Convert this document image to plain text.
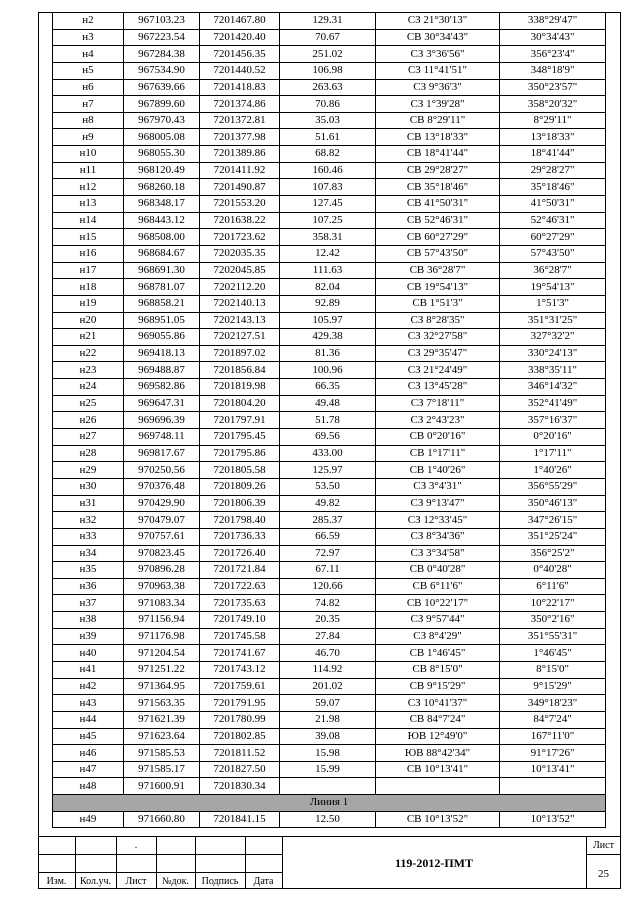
н2	967103.23	7201467.80	129.31	СЗ 21°30'13"	338°29'47"
н3	967223.54	7201420.40	70.67	СВ 30°34'43"	30°34'43"
н4	967284.38	7201456.35	251.02	СЗ 3°36'56"	356°23'4"
н5	967534.90	7201440.52	106.98	СЗ 11°41'51"	348°18'9"
н6	967639.66	7201418.83	263.63	СЗ 9°36'3"	350°23'57"
н7	967899.60	7201374.86	70.86	СЗ 1°39'28"	358°20'32"
н8	967970.43	7201372.81	35.03	СВ 8°29'11"	8°29'11"
н9	968005.08	7201377.98	51.61	СВ 13°18'33"	13°18'33"
н10	968055.30	7201389.86	68.82	СВ 18°41'44"	18°41'44"
н11	968120.49	7201411.92	160.46	СВ 29°28'27"	29°28'27"
н12	968260.18	7201490.87	107.83	СВ 35°18'46"	35°18'46"
н13	968348.17	7201553.20	127.45	СВ 41°50'31"	41°50'31"
н14	968443.12	7201638.22	107.25	СВ 52°46'31"	52°46'31"
н15	968508.00	7201723.62	358.31	СВ 60°27'29"	60°27'29"
н16	968684.67	7202035.35	12.42	СВ 57°43'50"	57°43'50"
н17	968691.30	7202045.85	111.63	СВ 36°28'7"	36°28'7"
н18	968781.07	7202112.20	82.04	СВ 19°54'13"	19°54'13"
н19	968858.21	7202140.13	92.89	СВ 1°51'3"	1°51'3"
н20	968951.05	7202143.13	105.97	СЗ 8°28'35"	351°31'25"
н21	969055.86	7202127.51	429.38	СЗ 32°27'58"	327°32'2"
н22	969418.13	7201897.02	81.36	СЗ 29°35'47"	330°24'13"
н23	969488.87	7201856.84	100.96	СЗ 21°24'49"	338°35'11"
н24	969582.86	7201819.98	66.35	СЗ 13°45'28"	346°14'32"
н25	969647.31	7201804.20	49.48	СЗ 7°18'11"	352°41'49"
н26	969696.39	7201797.91	51.78	СЗ 2°43'23"	357°16'37"
н27	969748.11	7201795.45	69.56	СВ 0°20'16"	0°20'16"
н28	969817.67	7201795.86	433.00	СВ 1°17'11"	1°17'11"
н29	970250.56	7201805.58	125.97	СВ 1°40'26"	1°40'26"
н30	970376.48	7201809.26	53.50	СЗ 3°4'31"	356°55'29"
н31	970429.90	7201806.39	49.82	СЗ 9°13'47"	350°46'13"
н32	970479.07	7201798.40	285.37	СЗ 12°33'45"	347°26'15"
н33	970757.61	7201736.33	66.59	СЗ 8°34'36"	351°25'24"
н34	970823.45	7201726.40	72.97	СЗ 3°34'58"	356°25'2"
н35	970896.28	7201721.84	67.11	СВ 0°40'28"	0°40'28"
н36	970963.38	7201722.63	120.66	СВ 6°11'6"	6°11'6"
н37	971083.34	7201735.63	74.82	СВ 10°22'17"	10°22'17"
н38	971156.94	7201749.10	20.35	СЗ 9°57'44"	350°2'16"
н39	971176.98	7201745.58	27.84	СЗ 8°4'29"	351°55'31"
н40	971204.54	7201741.67	46.70	СВ 1°46'45"	1°46'45"
н41	971251.22	7201743.12	114.92	СВ 8°15'0"	8°15'0"
н42	971364.95	7201759.61	201.02	СВ 9°15'29"	9°15'29"
н43	971563.35	7201791.95	59.07	СЗ 10°41'37"	349°18'23"
н44	971621.39	7201780.99	21.98	СВ 84°7'24"	84°7'24"
н45	971623.64	7201802.85	39.08	ЮВ 12°49'0"	167°11'0"
н46	971585.53	7201811.52	15.98	ЮВ 88°42'34"	91°17'26"
н47	971585.17	7201827.50	15.99	СВ 10°13'41"	10°13'41"
н48	971600.91	7201830.34			
Линия 1					
н49	971660.80	7201841.15	12.50	СВ 10°13'52"	10°13'52"
.
Изм.	Кол.уч.	Лист	№док.	Подпись	Дата
119-2012-ПМТ
Лист
25
